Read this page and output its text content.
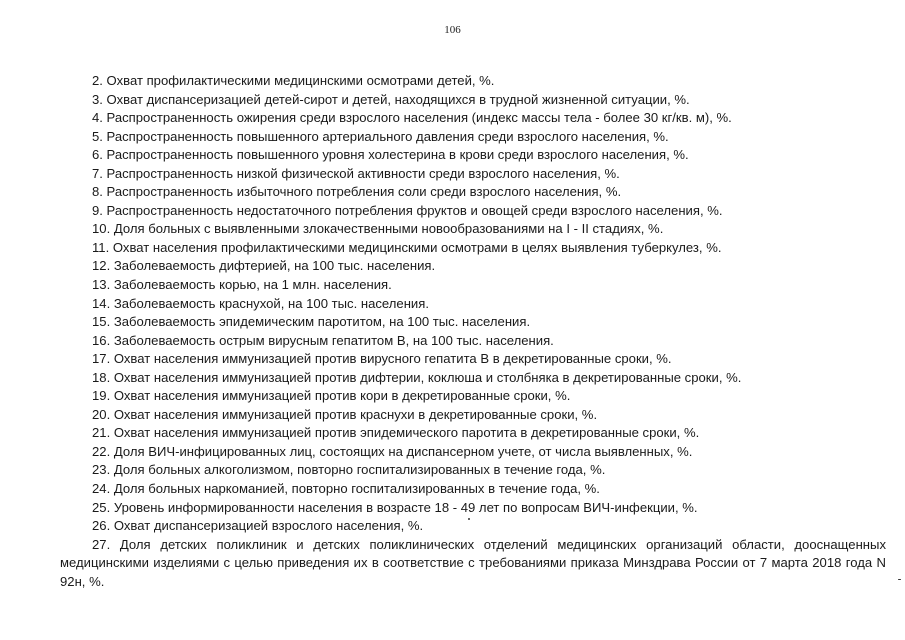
106
2. Охват профилактическими медицинскими осмотрами детей, %.
3. Охват диспансеризацией детей-сирот и детей, находящихся в трудной жизненной ситуации, %.
4. Распространенность ожирения среди взрослого населения (индекс массы тела - более 30 кг/кв. м), %.
5. Распространенность повышенного артериального давления среди взрослого населения, %.
6. Распространенность повышенного уровня холестерина в крови среди взрослого населения, %.
7. Распространенность низкой физической активности среди взрослого населения, %.
8. Распространенность избыточного потребления соли среди взрослого населения, %.
9. Распространенность недостаточного потребления фруктов и овощей среди взрослого населения, %.
10. Доля больных с выявленными злокачественными новообразованиями на I - II стадиях, %.
11. Охват населения профилактическими медицинскими осмотрами в целях выявления туберкулез, %.
12. Заболеваемость дифтерией, на 100 тыс. населения.
13. Заболеваемость корью, на 1 млн. населения.
14. Заболеваемость краснухой, на 100 тыс. населения.
15. Заболеваемость эпидемическим паротитом, на 100 тыс. населения.
16. Заболеваемость острым вирусным гепатитом В, на 100 тыс. населения.
17. Охват населения иммунизацией против вирусного гепатита В в декретированные сроки, %.
18. Охват населения иммунизацией против дифтерии, коклюша и столбняка в декретированные сроки, %.
19. Охват населения иммунизацией против кори в декретированные сроки, %.
20. Охват населения иммунизацией против краснухи в декретированные сроки, %.
21. Охват населения иммунизацией против эпидемического паротита в декретированные сроки, %.
22. Доля ВИЧ-инфицированных лиц, состоящих на диспансерном учете, от числа выявленных, %.
23. Доля больных алкоголизмом, повторно госпитализированных в течение года, %.
24. Доля больных наркоманией, повторно госпитализированных в течение года, %.
25. Уровень информированности населения в возрасте 18 - 49 лет по вопросам ВИЧ-инфекции, %.
26. Охват диспансеризацией взрослого населения, %.
27. Доля детских поликлиник и детских поликлинических отделений медицинских организаций области, дооснащенных медицинскими изделиями с целью приведения их в соответствие с требованиями приказа Минздрава России от 7 марта 2018 года N 92н, %.
